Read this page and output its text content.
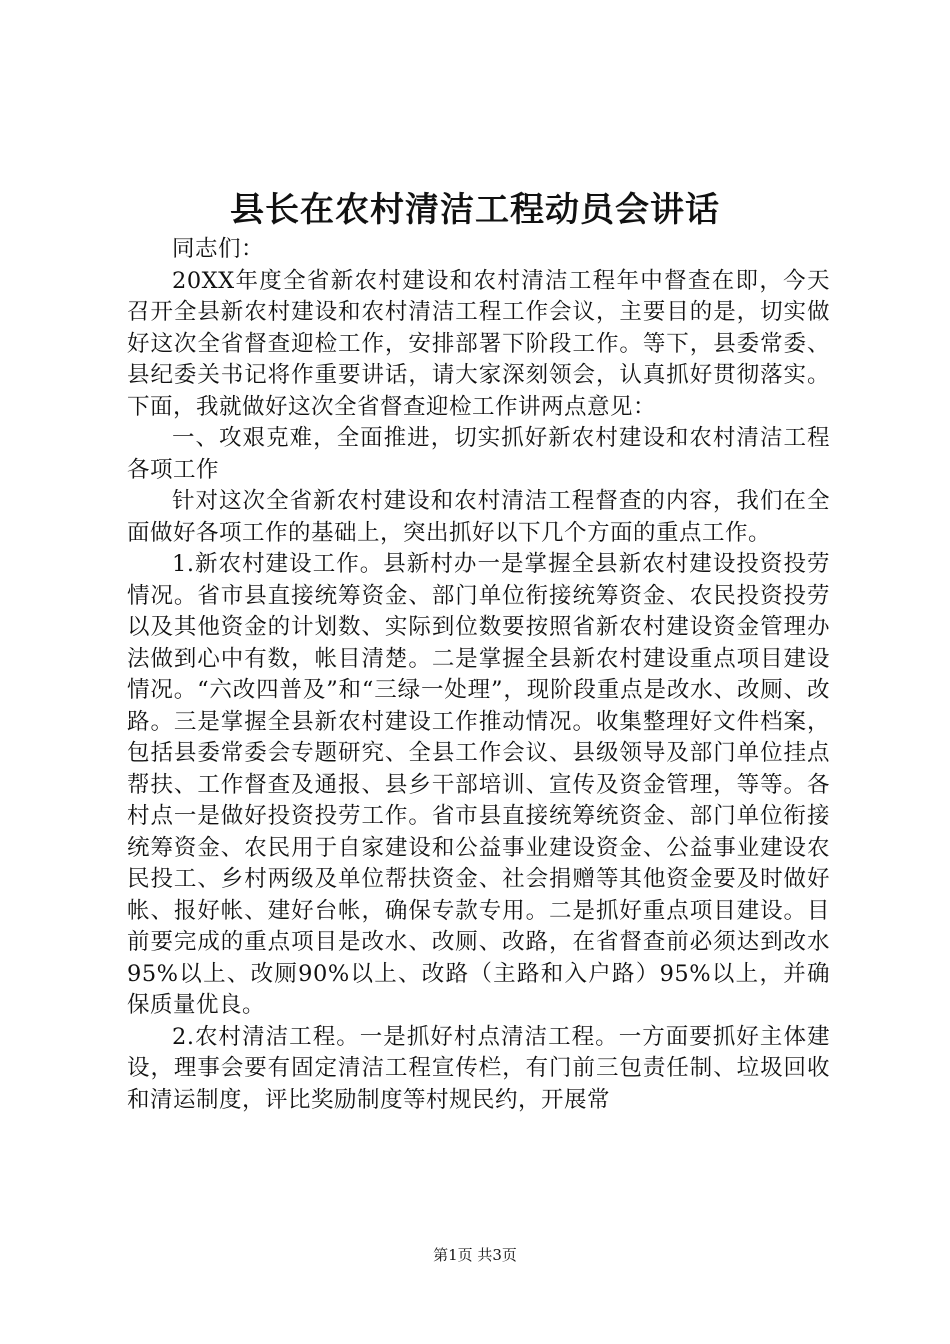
县长在农村清洁工程动员会讲话

同志们：

20XX年度全省新农村建设和农村清洁工程年中督查在即，今天召开全县新农村建设和农村清洁工程工作会议，主要目的是，切实做好这次全省督查迎检工作，安排部署下阶段工作。等下，县委常委、县纪委关书记将作重要讲话，请大家深刻领会，认真抓好贯彻落实。下面，我就做好这次全省督查迎检工作讲两点意见：

一、攻艰克难，全面推进，切实抓好新农村建设和农村清洁工程各项工作

针对这次全省新农村建设和农村清洁工程督查的内容，我们在全面做好各项工作的基础上，突出抓好以下几个方面的重点工作。

1.新农村建设工作。县新村办一是掌握全县新农村建设投资投劳情况。省市县直接统筹资金、部门单位衔接统筹资金、农民投资投劳以及其他资金的计划数、实际到位数要按照省新农村建设资金管理办法做到心中有数，帐目清楚。二是掌握全县新农村建设重点项目建设情况。“六改四普及”和“三绿一处理”，现阶段重点是改水、改厕、改路。三是掌握全县新农村建设工作推动情况。收集整理好文件档案，包括县委常委会专题研究、全县工作会议、县级领导及部门单位挂点帮扶、工作督查及通报、县乡干部培训、宣传及资金管理，等等。各村点一是做好投资投劳工作。省市县直接统筹统资金、部门单位衔接统筹资金、农民用于自家建设和公益事业建设资金、公益事业建设农民投工、乡村两级及单位帮扶资金、社会捐赠等其他资金要及时做好帐、报好帐、建好台帐，确保专款专用。二是抓好重点项目建设。目前要完成的重点项目是改水、改厕、改路，在省督查前必须达到改水95%以上、改厕90%以上、改路（主路和入户路）95%以上，并确保质量优良。

2.农村清洁工程。一是抓好村点清洁工程。一方面要抓好主体建设，理事会要有固定清洁工程宣传栏，有门前三包责任制、垃圾回收和清运制度，评比奖励制度等村规民约，开展常

第1页 共3页
